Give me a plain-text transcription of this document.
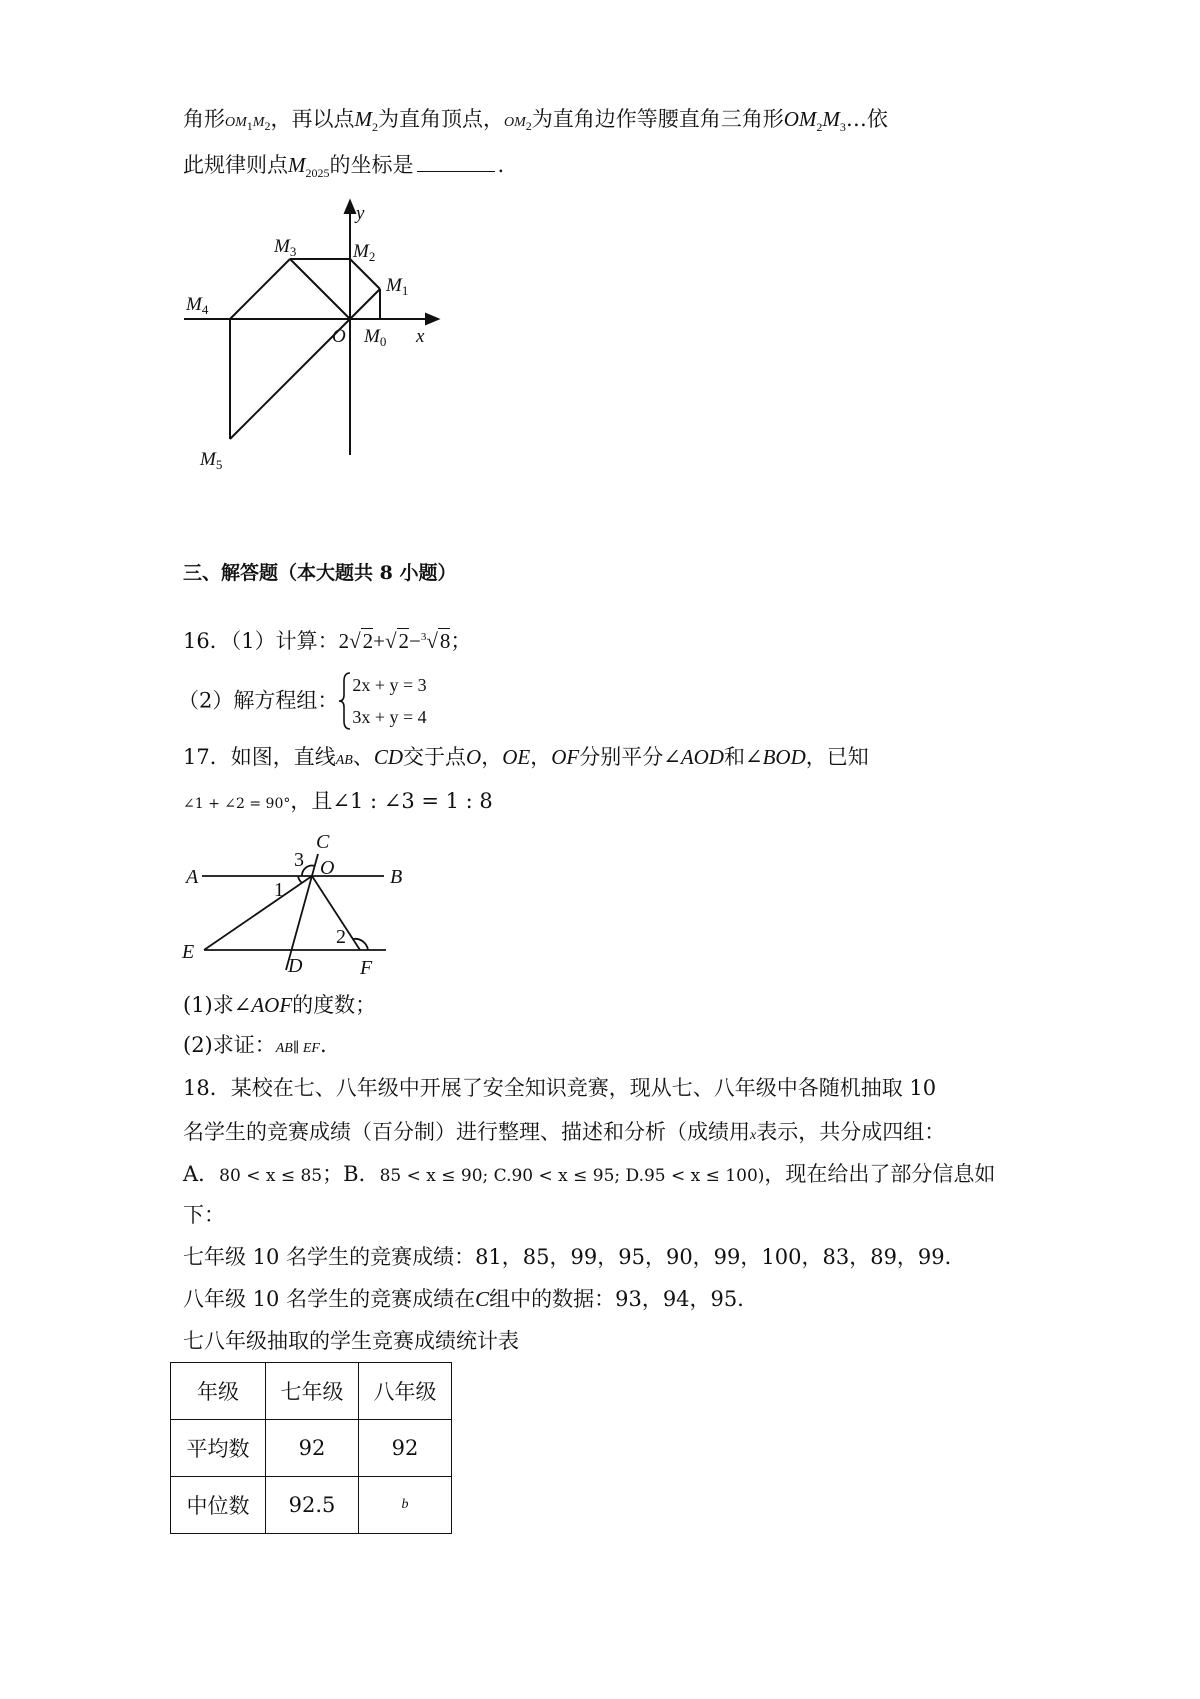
角形$OM_1M_2$，再以点$M_2$为直角顶点，$OM_2$为直角边作等腰直角三角形$OM_2M_3\dots$依
此规律则点$M_{2025}$的坐标是	.
y
x
O $M_0$
$M_1$
$M_2$
$M_3$
$M_4$
$M_5$
三、解答题（本大题共 8 小题）
16．（1）计算：2√2+√2−$^3$√8；
（2）解方程组：2x + y = 3
3x + y = 4
17．如图，直线AB、CD交于点O，OE，OF分别平分∠AOD和∠BOD，已知
∠1 + ∠2 = 90°，且∠1 : ∠3 = 1 : 8
C
A	B
O
E
D	F
1
2
3
(1)求∠AOF的度数；
(2)求证：AB∥ EF.
18．某校在七、八年级中开展了安全知识竞赛，现从七、八年级中各随机抽取 10
名学生的竞赛成绩（百分制）进行整理、描述和分析（成绩用x表示，共分成四组：
A．80 < x ≤ 85；B．85 < x ≤ 90; C.90 < x ≤ 95; D.95 < x ≤ 100)，现在给出了部分信息如
下：
七年级 10 名学生的竞赛成绩：81，85，99，95，90，99，100，83，89，99．
八年级 10 名学生的竞赛成绩在C组中的数据：93，94，95．
七八年级抽取的学生竞赛成绩统计表
年级	七年级	八年级
平均数	92	92
中位数	92.5	b
